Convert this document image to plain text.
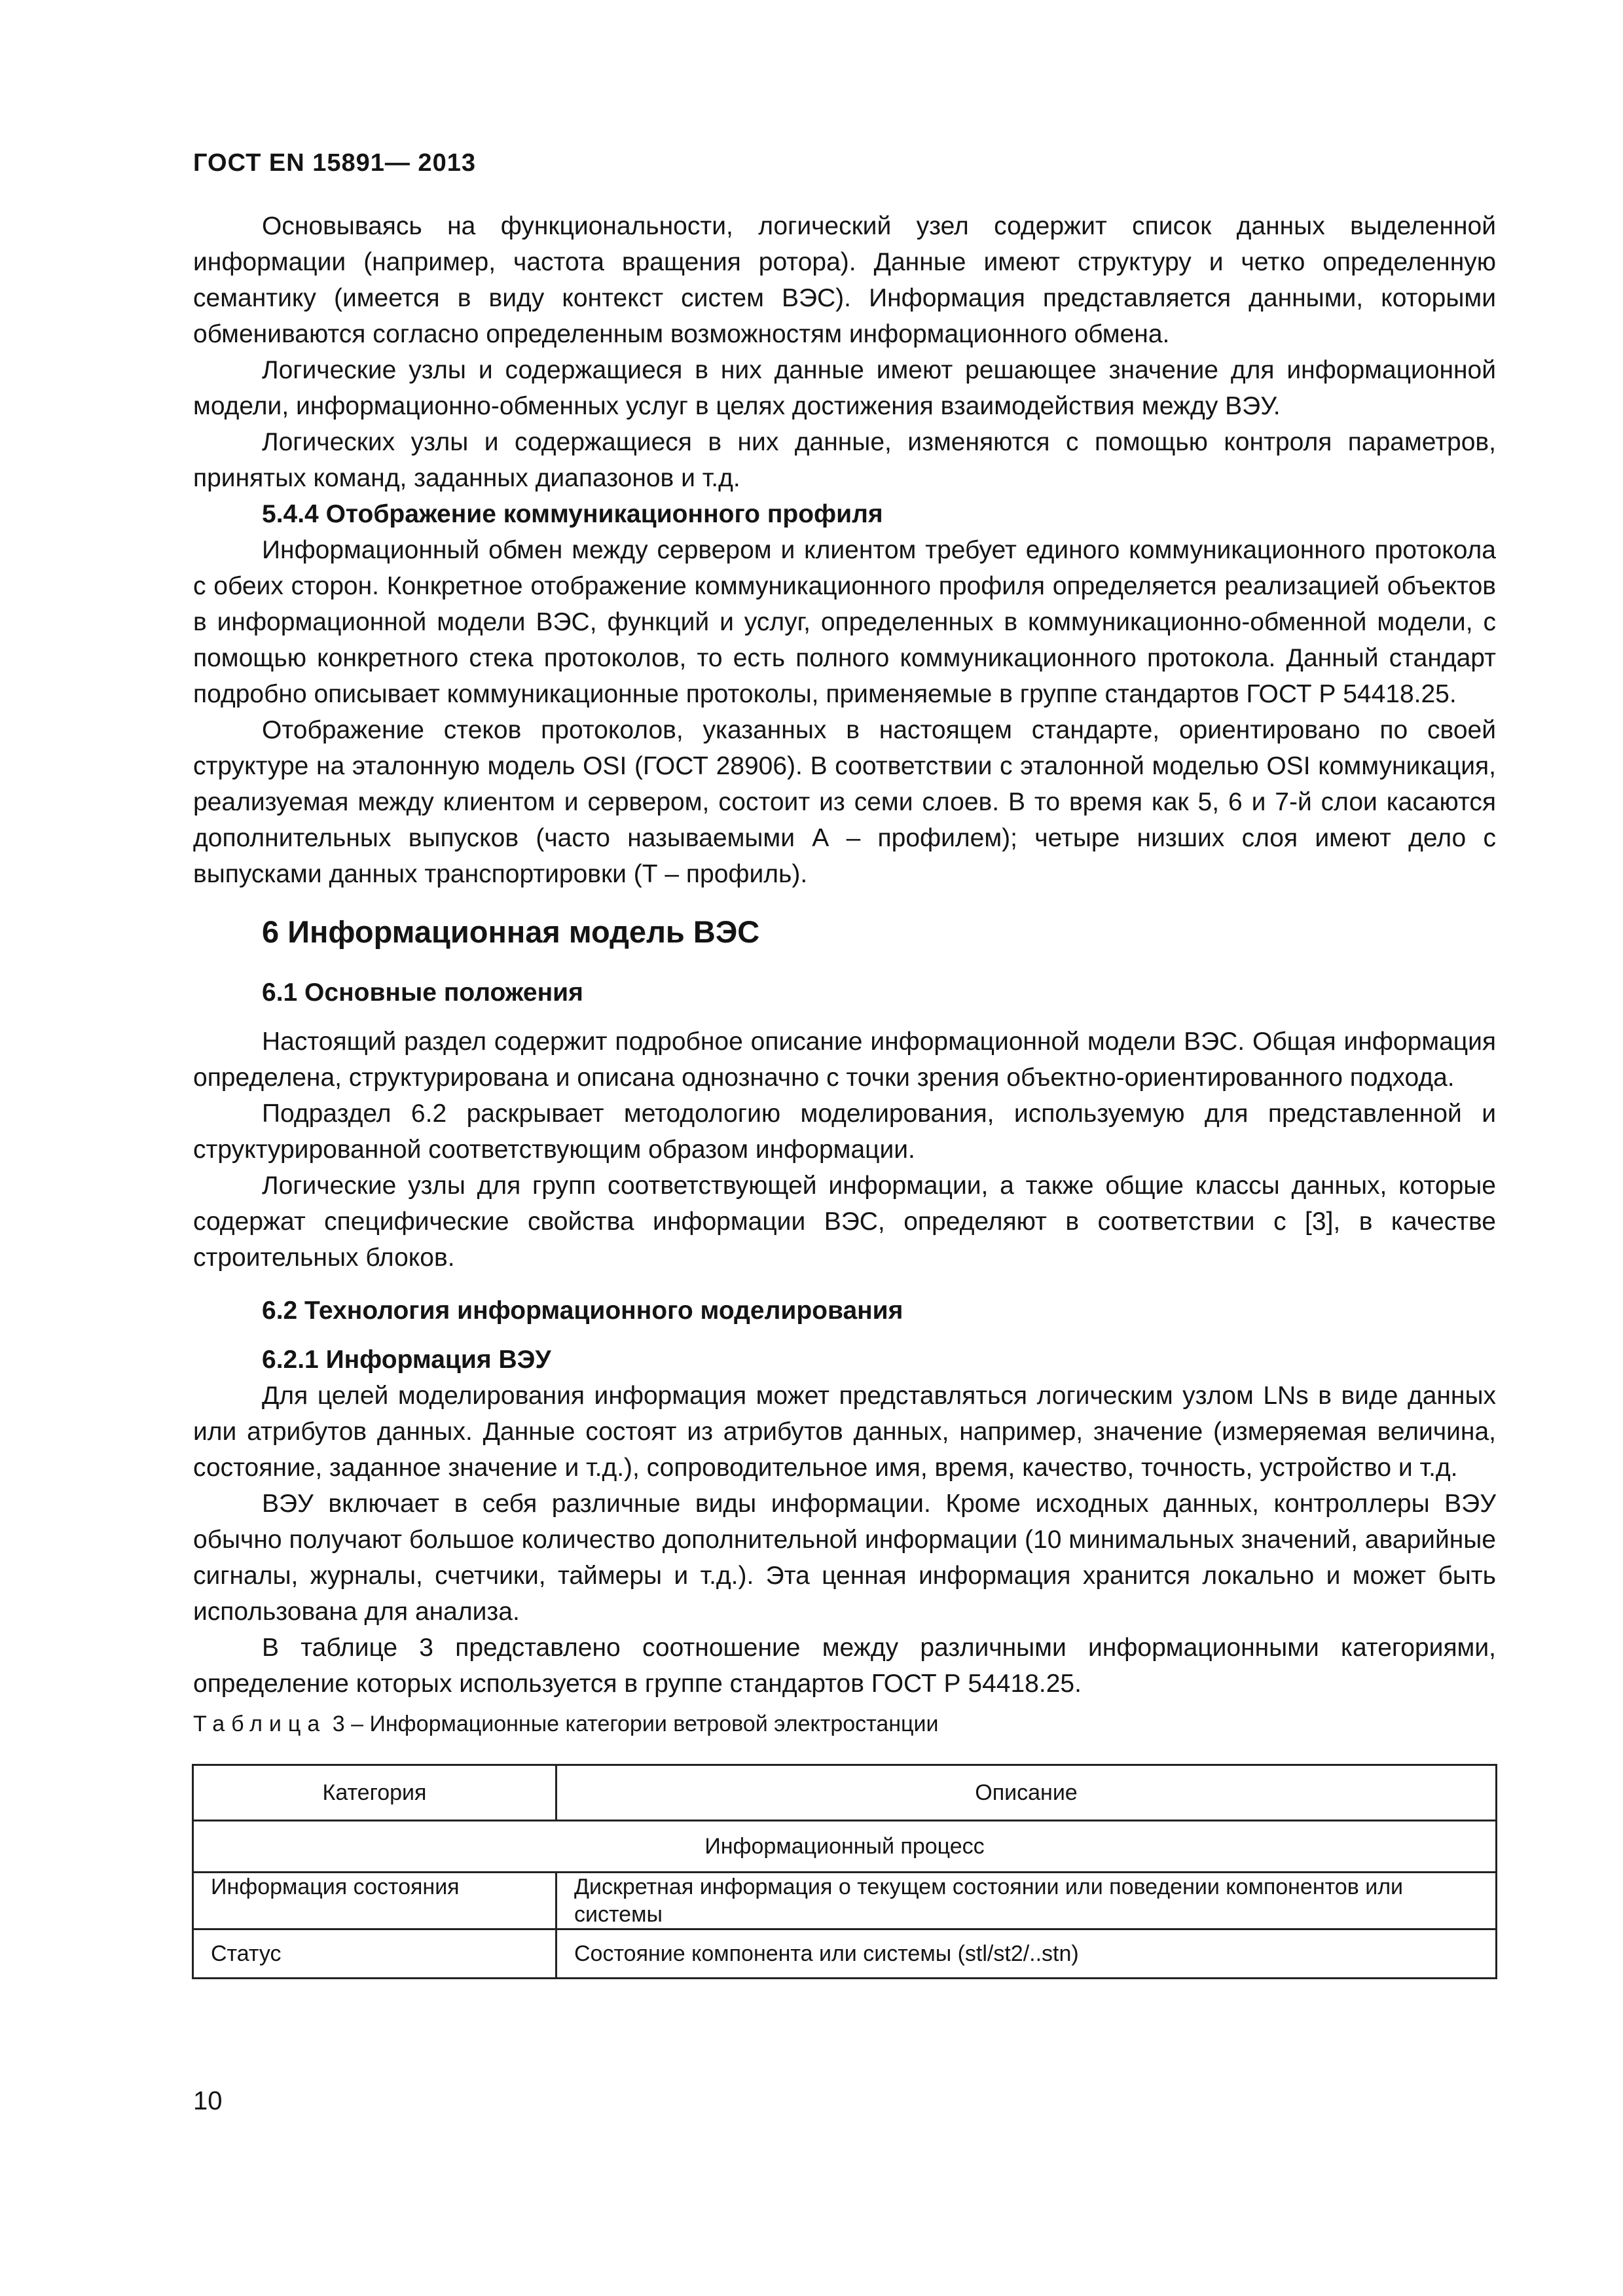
ГОСТ EN 15891— 2013

Основываясь на функциональности, логический узел содержит список данных выделенной информации (например, частота вращения ротора). Данные имеют структуру и четко определенную семантику (имеется в виду контекст систем ВЭС). Информация представляется данными, которыми обмениваются согласно определенным возможностям информационного обмена.

Логические узлы и содержащиеся в них данные имеют решающее значение для информационной модели, информационно-обменных услуг в целях достижения взаимодействия между ВЭУ.

Логических узлы и содержащиеся в них данные, изменяются с помощью контроля параметров, принятых команд, заданных диапазонов и т.д.

5.4.4 Отображение коммуникационного профиля

Информационный обмен между сервером и клиентом требует единого коммуникационного протокола с обеих сторон. Конкретное отображение коммуникационного профиля определяется реализацией объектов в информационной модели ВЭС, функций и услуг, определенных в коммуникационно-обменной модели, с помощью конкретного стека протоколов, то есть полного коммуникационного протокола. Данный стандарт подробно описывает коммуникационные протоколы, применяемые в группе стандартов ГОСТ Р 54418.25.

Отображение стеков протоколов, указанных в настоящем стандарте, ориентировано по своей структуре на эталонную модель OSI (ГОСТ 28906). В соответствии с эталонной моделью OSI коммуникация, реализуемая между клиентом и сервером, состоит из семи слоев. В то время как 5, 6 и 7-й слои касаются дополнительных выпусков (часто называемыми А – профилем); четыре низших слоя имеют дело с выпусками данных транспортировки (Т – профиль).

6 Информационная модель ВЭС
6.1 Основные положения

Настоящий раздел содержит подробное описание информационной модели ВЭС. Общая информация определена, структурирована и описана однозначно с точки зрения объектно-ориентированного подхода.

Подраздел 6.2 раскрывает методологию моделирования, используемую для представленной и структурированной соответствующим образом информации.

Логические узлы для групп соответствующей информации, а также общие классы данных, которые содержат специфические свойства информации ВЭС, определяют в соответствии с [3], в качестве строительных блоков.

6.2 Технология информационного моделирования
6.2.1 Информация ВЭУ

Для целей моделирования информация может представляться логическим узлом LNs в виде данных или атрибутов данных. Данные состоят из атрибутов данных, например, значение (измеряемая величина, состояние, заданное значение и т.д.), сопроводительное имя, время, качество, точность, устройство и т.д.

ВЭУ включает в себя различные виды информации. Кроме исходных данных, контроллеры ВЭУ обычно получают большое количество дополнительной информации (10 минимальных значений, аварийные сигналы, журналы, счетчики, таймеры и т.д.). Эта ценная информация хранится локально и может быть использована для анализа.

В таблице 3 представлено соотношение между различными информационными категориями, определение которых используется в группе стандартов ГОСТ Р 54418.25.

Таблица 3 – Информационные категории ветровой электростанции
Категория	Описание
Информационный процесс	
Информация состояния	Дискретная информация о текущем состоянии или поведении компонентов или системы
Статус	Состояние компонента или системы (stl/st2/..stn)
10
